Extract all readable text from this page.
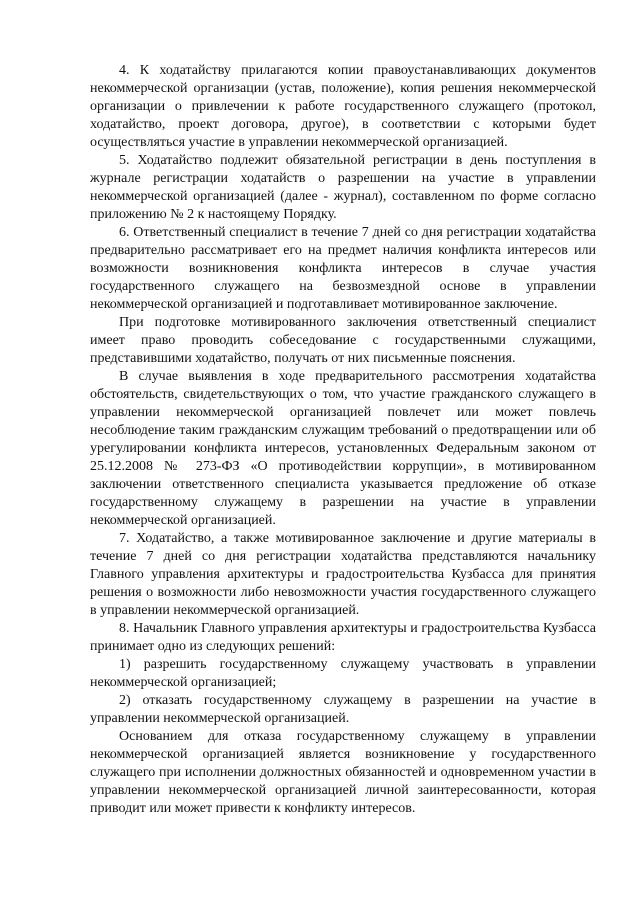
4. К ходатайству прилагаются копии правоустанавливающих документов некоммерческой организации (устав, положение), копия решения некоммерческой организации о привлечении к работе государственного служащего (протокол, ходатайство, проект договора, другое), в соответствии с которыми будет осуществляться участие в управлении некоммерческой организацией.

5. Ходатайство подлежит обязательной регистрации в день поступления в журнале регистрации ходатайств о разрешении на участие в управлении некоммерческой организацией (далее - журнал), составленном по форме согласно приложению № 2 к настоящему Порядку.

6. Ответственный специалист в течение 7 дней со дня регистрации ходатайства предварительно рассматривает его на предмет наличия конфликта интересов или возможности возникновения конфликта интересов в случае участия государственного служащего на безвозмездной основе в управлении некоммерческой организацией и подготавливает мотивированное заключение.

При подготовке мотивированного заключения ответственный специалист имеет право проводить собеседование с государственными служащими, представившими ходатайство, получать от них письменные пояснения.

В случае выявления в ходе предварительного рассмотрения ходатайства обстоятельств, свидетельствующих о том, что участие гражданского служащего в управлении некоммерческой организацией повлечет или может повлечь несоблюдение таким гражданским служащим требований о предотвращении или об урегулировании конфликта интересов, установленных Федеральным законом от 25.12.2008 № 273-ФЗ «О противодействии коррупции», в мотивированном заключении ответственного специалиста указывается предложение об отказе государственному служащему в разрешении на участие в управлении некоммерческой организацией.

7. Ходатайство, а также мотивированное заключение и другие материалы в течение 7 дней со дня регистрации ходатайства представляются начальнику Главного управления архитектуры и градостроительства Кузбасса для принятия решения о возможности либо невозможности участия государственного служащего в управлении некоммерческой организацией.

8. Начальник Главного управления архитектуры и градостроительства Кузбасса принимает одно из следующих решений:

1) разрешить государственному служащему участвовать в управлении некоммерческой организацией;

2) отказать государственному служащему в разрешении на участие в управлении некоммерческой организацией.

Основанием для отказа государственному служащему в управлении некоммерческой организацией является возникновение у государственного служащего при исполнении должностных обязанностей и одновременном участии в управлении некоммерческой организацией личной заинтересованности, которая приводит или может привести к конфликту интересов.
